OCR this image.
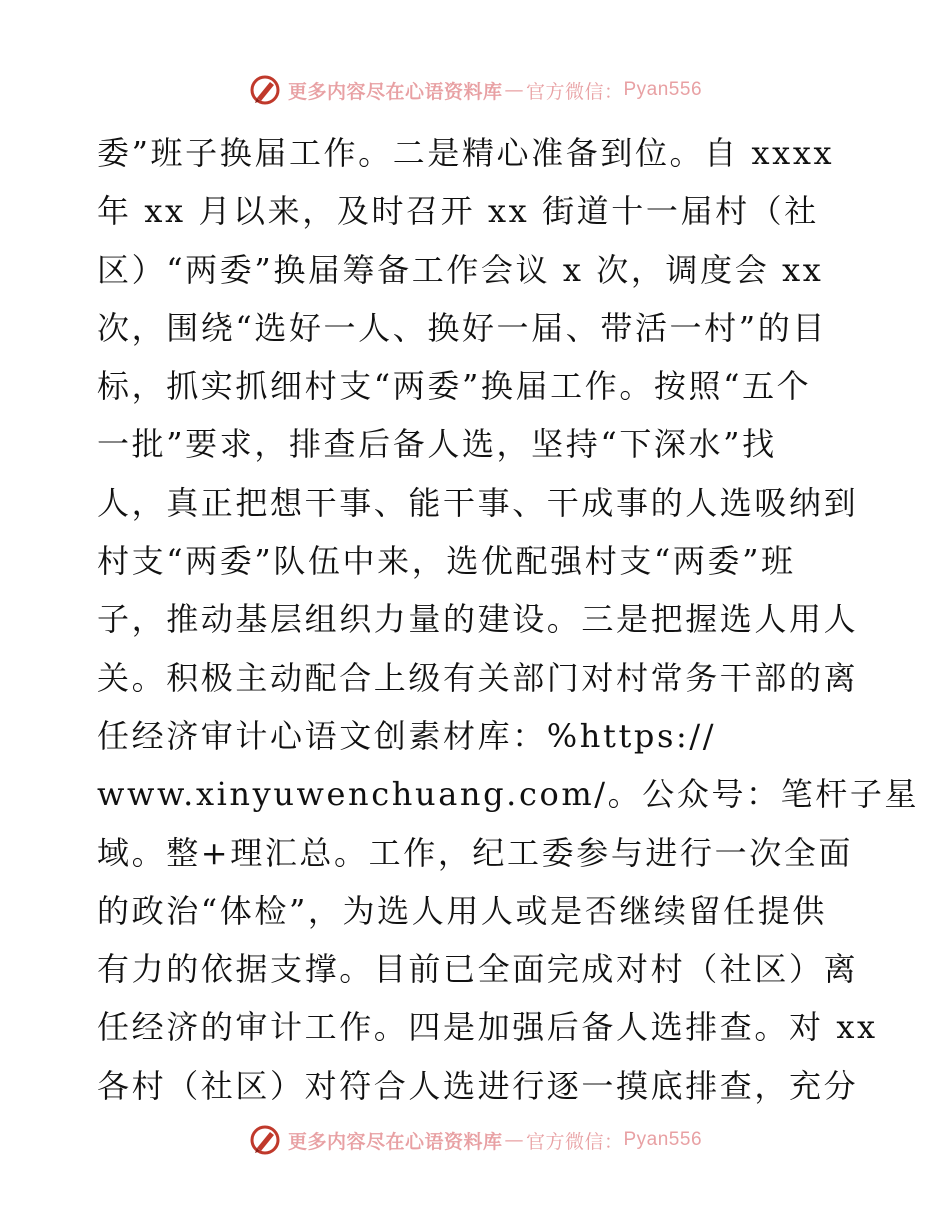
更多内容尽在心语资料库 — 官方微信： Pyan556
委”班子换届工作。二是精心准备到位。自 xxxx
年 xx 月以来，及时召开 xx 街道十一届村（社
区）“两委”换届筹备工作会议 x 次，调度会 xx
次，围绕“选好一人、换好一届、带活一村”的目
标，抓实抓细村支“两委”换届工作。按照“五个
一批”要求，排查后备人选，坚持“下深水”找
人，真正把想干事、能干事、干成事的人选吸纳到
村支“两委”队伍中来，选优配强村支“两委”班
子，推动基层组织力量的建设。三是把握选人用人
关。积极主动配合上级有关部门对村常务干部的离
任经济审计心语文创素材库：%https://
www.xinyuwenchuang.com/。公众号：笔杆子星
域。整+理汇总。工作，纪工委参与进行一次全面
的政治“体检”，为选人用人或是否继续留任提供
有力的依据支撑。目前已全面完成对村（社区）离
任经济的审计工作。四是加强后备人选排查。对 xx
各村（社区）对符合人选进行逐一摸底排查，充分
更多内容尽在心语资料库 — 官方微信： Pyan556
